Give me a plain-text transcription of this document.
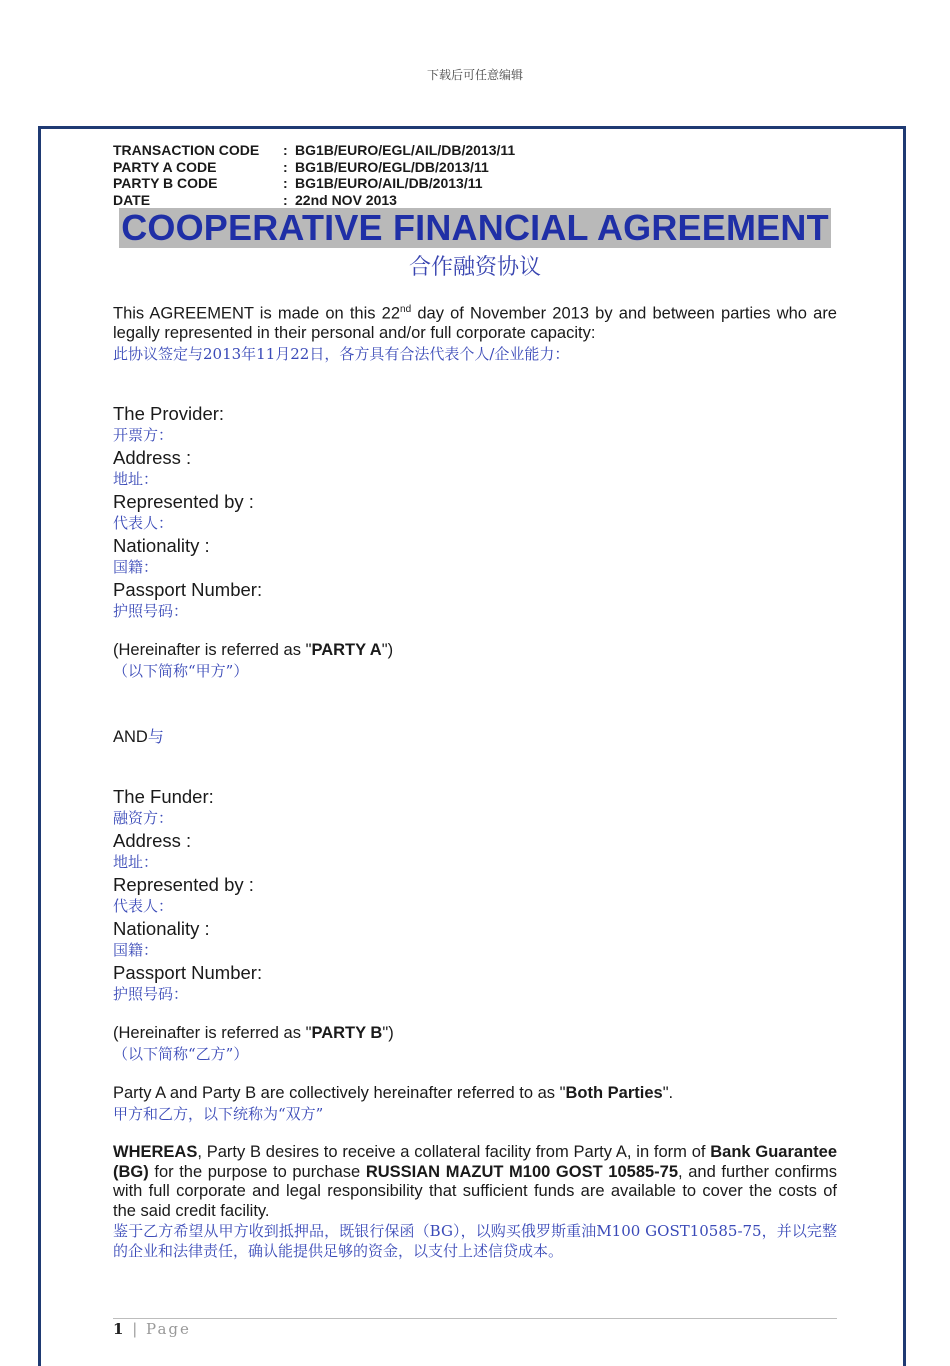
下载后可任意编辑
TRANSACTION CODE	: BG1B/EURO/EGL/AIL/DB/2013/11
PARTY A CODE	: BG1B/EURO/EGL/DB/2013/11
PARTY B CODE	: BG1B/EURO/AIL/DB/2013/11
DATE	: 22nd NOV 2013
COOPERATIVE FINANCIAL AGREEMENT
合作融资协议

This AGREEMENT is made on this 22nd day of November 2013 by and between parties who are legally represented in their personal and/or full corporate capacity:

此协议签定与2013年11月22日，各方具有合法代表个人/企业能力：

The Provider:

开票方：

Address :

地址：

Represented by :

代表人：

Nationality :

国籍：

Passport Number:

护照号码：

(Hereinafter is referred as "PARTY A")

（以下简称“甲方”）

AND与

The Funder:

融资方：

Address :

地址：

Represented by :

代表人：

Nationality :

国籍：

Passport Number:

护照号码：

(Hereinafter is referred as "PARTY B")

（以下简称“乙方”）

Party A and Party B are collectively hereinafter referred to as "Both Parties".

甲方和乙方，以下统称为“双方”

WHEREAS, Party B desires to receive a collateral facility from Party A, in form of Bank Guarantee (BG) for the purpose to purchase RUSSIAN MAZUT M100 GOST 10585-75, and further confirms with full corporate and legal responsibility that sufficient funds are available to cover the costs of the said credit facility.

鉴于乙方希望从甲方收到抵押品，既银行保函（BG），以购买俄罗斯重油M100 GOST10585-75，并以完整的企业和法律责任，确认能提供足够的资金，以支付上述信贷成本。

1 | Page
